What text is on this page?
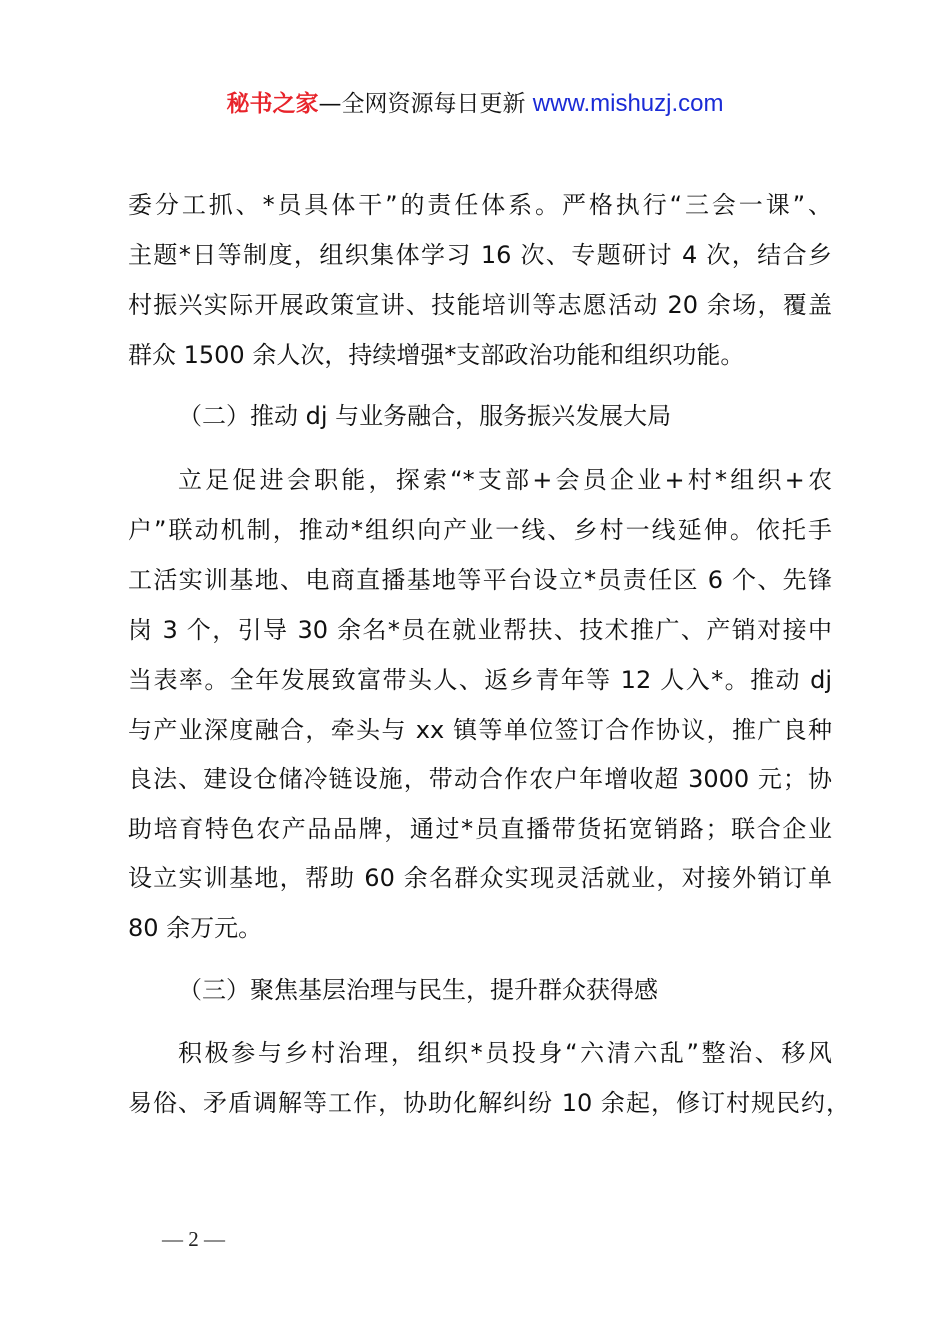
秘书之家—全网资源每日更新 www.mishuzj.com
委分工抓、*员具体干”的责任体系。严格执行“三会一课”、
主题*日等制度，组织集体学习 16 次、专题研讨 4 次，结合乡
村振兴实际开展政策宣讲、技能培训等志愿活动 20 余场，覆盖
群众 1500 余人次，持续增强*支部政治功能和组织功能。
（二）推动 dj 与业务融合，服务振兴发展大局
立足促进会职能，探索“*支部+会员企业+村*组织+农
户”联动机制，推动*组织向产业一线、乡村一线延伸。依托手
工活实训基地、电商直播基地等平台设立*员责任区 6 个、先锋
岗 3 个，引导 30 余名*员在就业帮扶、技术推广、产销对接中
当表率。全年发展致富带头人、返乡青年等 12 人入*。推动 dj
与产业深度融合，牵头与 xx 镇等单位签订合作协议，推广良种
良法、建设仓储冷链设施，带动合作农户年增收超 3000 元；协
助培育特色农产品品牌，通过*员直播带货拓宽销路；联合企业
设立实训基地，帮助 60 余名群众实现灵活就业，对接外销订单
80 余万元。
（三）聚焦基层治理与民生，提升群众获得感
积极参与乡村治理，组织*员投身“六清六乱”整治、移风
易俗、矛盾调解等工作，协助化解纠纷 10 余起，修订村规民约，
— 2 —
